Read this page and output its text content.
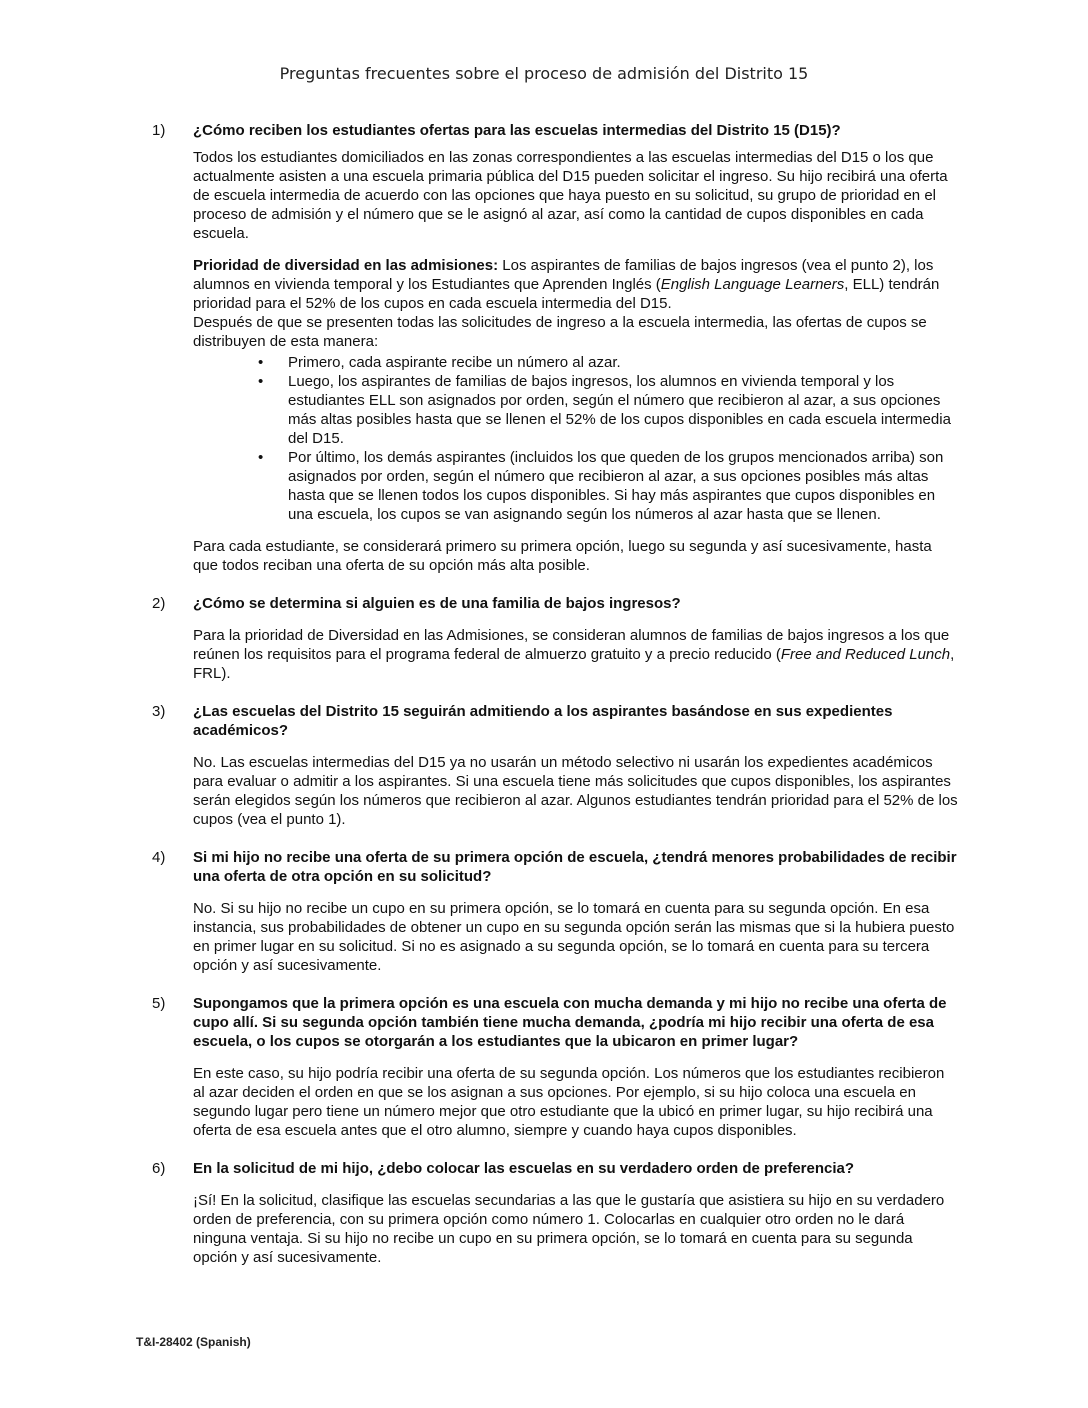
Preguntas frecuentes sobre el proceso de admisión del Distrito 15
1) ¿Cómo reciben los estudiantes ofertas para las escuelas intermedias del Distrito 15 (D15)?

Todos los estudiantes domiciliados en las zonas correspondientes a las escuelas intermedias del D15 o los que actualmente asisten a una escuela primaria pública del D15 pueden solicitar el ingreso. Su hijo recibirá una oferta de escuela intermedia de acuerdo con las opciones que haya puesto en su solicitud, su grupo de prioridad en el proceso de admisión y el número que se le asignó al azar, así como la cantidad de cupos disponibles en cada escuela.

Prioridad de diversidad en las admisiones: Los aspirantes de familias de bajos ingresos (vea el punto 2), los alumnos en vivienda temporal y los Estudiantes que Aprenden Inglés (English Language Learners, ELL) tendrán prioridad para el 52% de los cupos en cada escuela intermedia del D15.

Después de que se presenten todas las solicitudes de ingreso a la escuela intermedia, las ofertas de cupos se distribuyen de esta manera:

• Primero, cada aspirante recibe un número al azar.
• Luego, los aspirantes de familias de bajos ingresos, los alumnos en vivienda temporal y los estudiantes ELL son asignados por orden, según el número que recibieron al azar, a sus opciones más altas posibles hasta que se llenen el 52% de los cupos disponibles en cada escuela intermedia del D15.
• Por último, los demás aspirantes (incluidos los que queden de los grupos mencionados arriba) son asignados por orden, según el número que recibieron al azar, a sus opciones posibles más altas hasta que se llenen todos los cupos disponibles. Si hay más aspirantes que cupos disponibles en una escuela, los cupos se van asignando según los números al azar hasta que se llenen.

Para cada estudiante, se considerará primero su primera opción, luego su segunda y así sucesivamente, hasta que todos reciban una oferta de su opción más alta posible.

2) ¿Cómo se determina si alguien es de una familia de bajos ingresos?

Para la prioridad de Diversidad en las Admisiones, se consideran alumnos de familias de bajos ingresos a los que reúnen los requisitos para el programa federal de almuerzo gratuito y a precio reducido (Free and Reduced Lunch, FRL).

3) ¿Las escuelas del Distrito 15 seguirán admitiendo a los aspirantes basándose en sus expedientes académicos?

No. Las escuelas intermedias del D15 ya no usarán un método selectivo ni usarán los expedientes académicos para evaluar o admitir a los aspirantes. Si una escuela tiene más solicitudes que cupos disponibles, los aspirantes serán elegidos según los números que recibieron al azar. Algunos estudiantes tendrán prioridad para el 52% de los cupos (vea el punto 1).

4) Si mi hijo no recibe una oferta de su primera opción de escuela, ¿tendrá menores probabilidades de recibir una oferta de otra opción en su solicitud?

No. Si su hijo no recibe un cupo en su primera opción, se lo tomará en cuenta para su segunda opción. En esa instancia, sus probabilidades de obtener un cupo en su segunda opción serán las mismas que si la hubiera puesto en primer lugar en su solicitud. Si no es asignado a su segunda opción, se lo tomará en cuenta para su tercera opción y así sucesivamente.

5) Supongamos que la primera opción es una escuela con mucha demanda y mi hijo no recibe una oferta de cupo allí. Si su segunda opción también tiene mucha demanda, ¿podría mi hijo recibir una oferta de esa escuela, o los cupos se otorgarán a los estudiantes que la ubicaron en primer lugar?

En este caso, su hijo podría recibir una oferta de su segunda opción. Los números que los estudiantes recibieron al azar deciden el orden en que se los asignan a sus opciones. Por ejemplo, si su hijo coloca una escuela en segundo lugar pero tiene un número mejor que otro estudiante que la ubicó en primer lugar, su hijo recibirá una oferta de esa escuela antes que el otro alumno, siempre y cuando haya cupos disponibles.

6) En la solicitud de mi hijo, ¿debo colocar las escuelas en su verdadero orden de preferencia?

¡Sí! En la solicitud, clasifique las escuelas secundarias a las que le gustaría que asistiera su hijo en su verdadero orden de preferencia, con su primera opción como número 1. Colocarlas en cualquier otro orden no le dará ninguna ventaja. Si su hijo no recibe un cupo en su primera opción, se lo tomará en cuenta para su segunda opción y así sucesivamente.

T&I-28402 (Spanish)
